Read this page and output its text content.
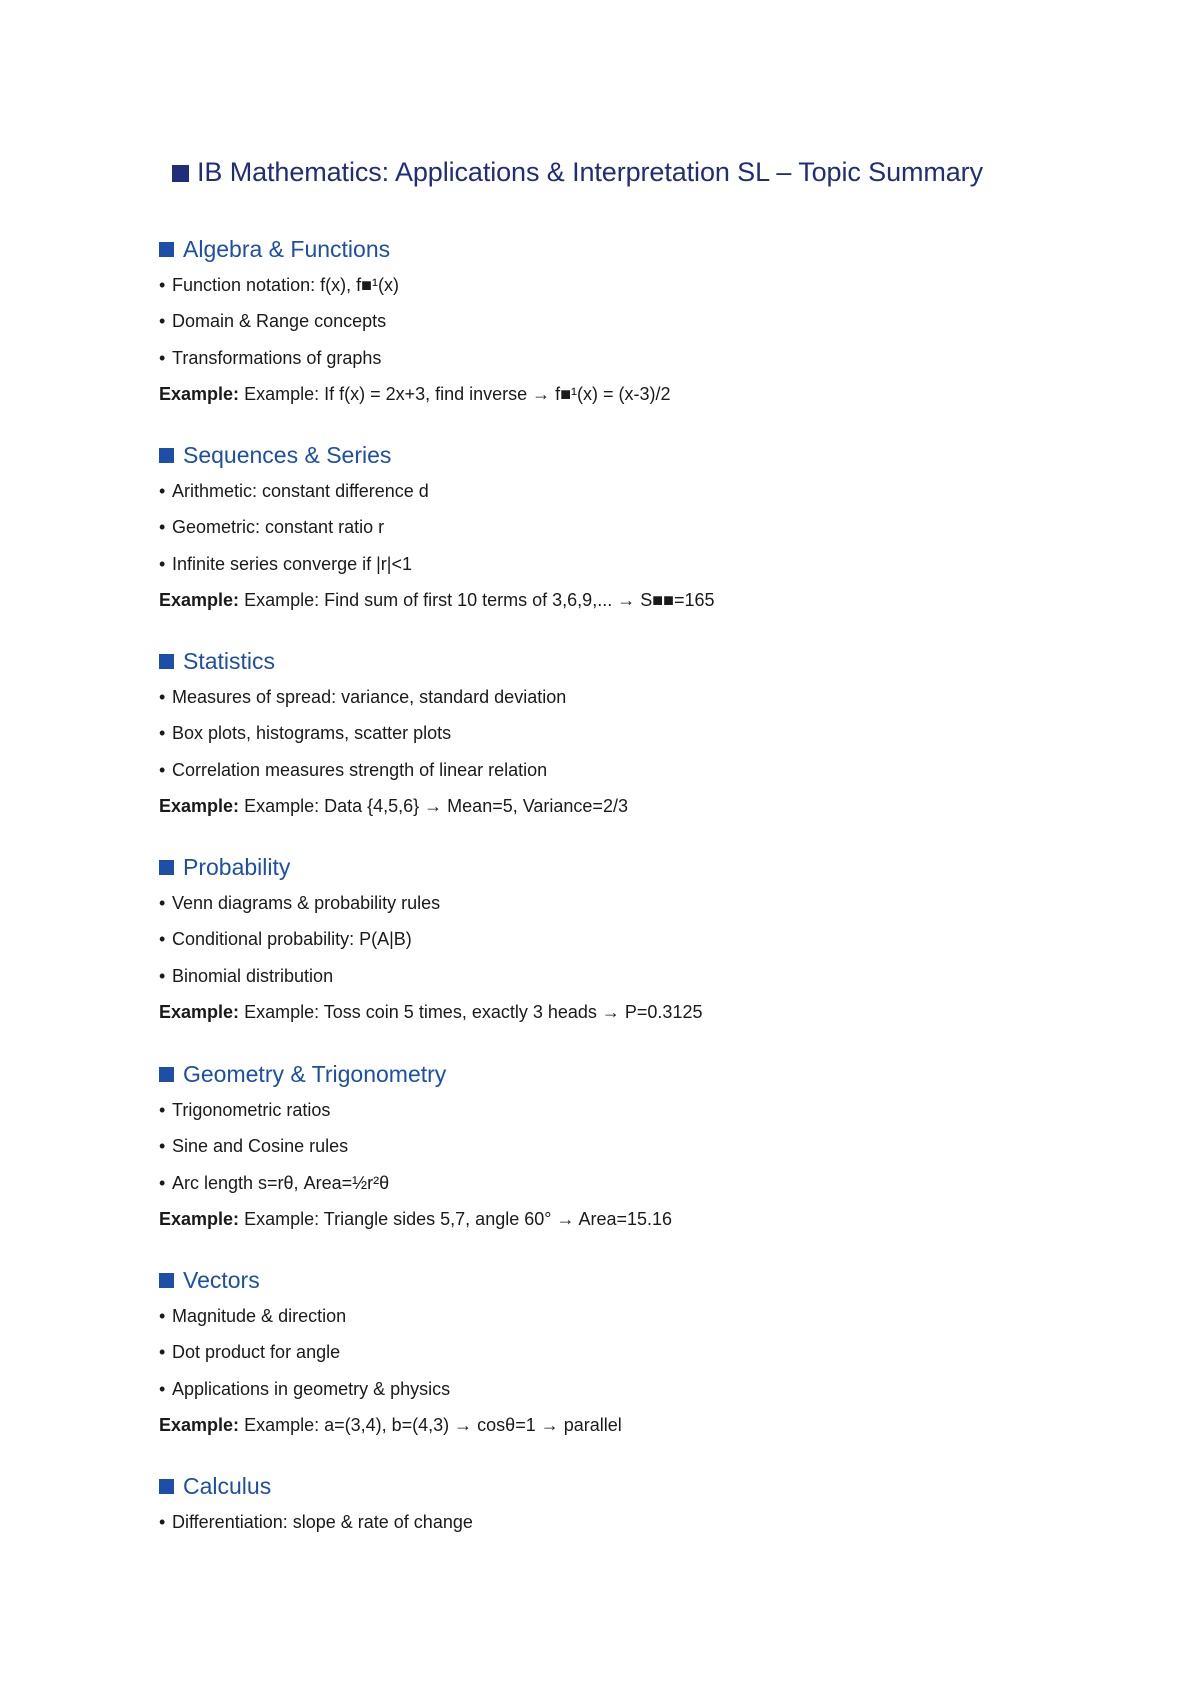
IB Mathematics: Applications & Interpretation SL – Topic Summary
Algebra & Functions
• Function notation: f(x), f■¹(x)
• Domain & Range concepts
• Transformations of graphs
Example: Example: If f(x) = 2x+3, find inverse → f■¹(x) = (x-3)/2
Sequences & Series
• Arithmetic: constant difference d
• Geometric: constant ratio r
• Infinite series converge if |r|<1
Example: Example: Find sum of first 10 terms of 3,6,9,... → S■■=165
Statistics
• Measures of spread: variance, standard deviation
• Box plots, histograms, scatter plots
• Correlation measures strength of linear relation
Example: Example: Data {4,5,6} → Mean=5, Variance=2/3
Probability
• Venn diagrams & probability rules
• Conditional probability: P(A|B)
• Binomial distribution
Example: Example: Toss coin 5 times, exactly 3 heads → P=0.3125
Geometry & Trigonometry
• Trigonometric ratios
• Sine and Cosine rules
• Arc length s=rθ, Area=½r²θ
Example: Example: Triangle sides 5,7, angle 60° → Area=15.16
Vectors
• Magnitude & direction
• Dot product for angle
• Applications in geometry & physics
Example: Example: a=(3,4), b=(4,3) → cosθ=1 → parallel
Calculus
• Differentiation: slope & rate of change
